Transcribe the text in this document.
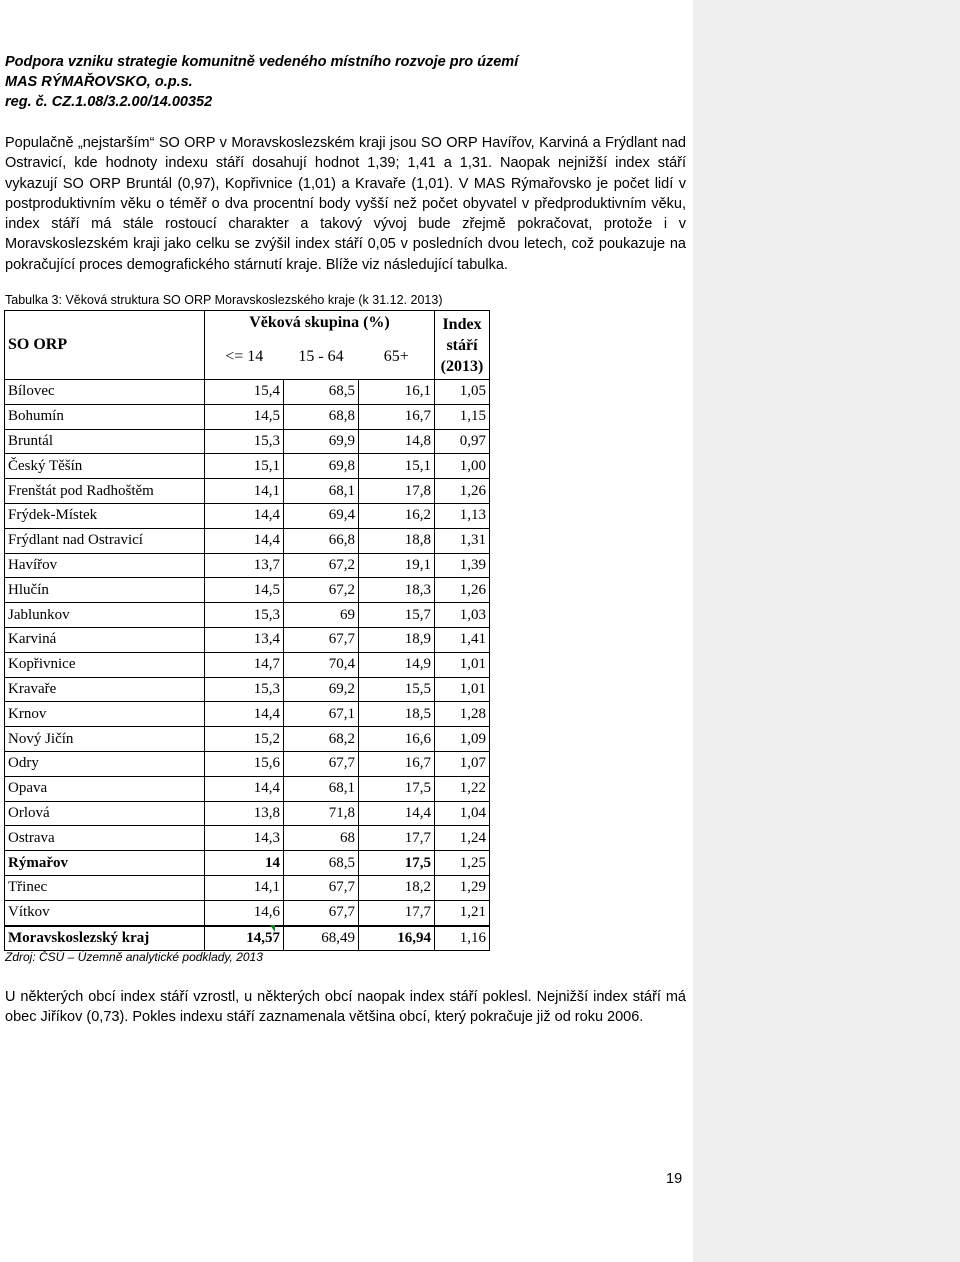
Podpora vzniku strategie komunitně vedeného místního rozvoje pro území
MAS RÝMAŘOVSKO, o.p.s.
reg. č. CZ.1.08/3.2.00/14.00352
Populačně „nejstarším“ SO ORP v Moravskoslezském kraji jsou SO ORP Havířov, Karviná a Frýdlant nad Ostravicí, kde hodnoty indexu stáří dosahují hodnot 1,39; 1,41 a 1,31. Naopak nejnižší index stáří vykazují SO ORP Bruntál (0,97), Kopřivnice (1,01) a Kravaře (1,01). V MAS Rýmařovsko je počet lidí v postproduktivním věku o téměř o dva procentní body vyšší než počet obyvatel v předproduktivním věku, index stáří má stále rostoucí charakter a takový vývoj bude zřejmě pokračovat, protože i v Moravskoslezském kraji jako celku se zvýšil index stáří 0,05 v posledních dvou letech, což poukazuje na pokračující proces demografického stárnutí kraje. Blíže viz následující tabulka.
Tabulka 3: Věková struktura SO ORP Moravskoslezského kraje (k 31.12. 2013)
SO ORP	Věková skupina (%)			Index
stáří
(2013)

	<= 14	15 - 64	65+	
Bílovec	15,4	68,5	16,1	1,05
Bohumín	14,5	68,8	16,7	1,15
Bruntál	15,3	69,9	14,8	0,97
Český Těšín	15,1	69,8	15,1	1,00
Frenštát pod Radhoštěm	14,1	68,1	17,8	1,26
Frýdek-Místek	14,4	69,4	16,2	1,13
Frýdlant nad Ostravicí	14,4	66,8	18,8	1,31
Havířov	13,7	67,2	19,1	1,39
Hlučín	14,5	67,2	18,3	1,26
Jablunkov	15,3	69	15,7	1,03
Karviná	13,4	67,7	18,9	1,41
Kopřivnice	14,7	70,4	14,9	1,01
Kravaře	15,3	69,2	15,5	1,01
Krnov	14,4	67,1	18,5	1,28
Nový Jičín	15,2	68,2	16,6	1,09
Odry	15,6	67,7	16,7	1,07
Opava	14,4	68,1	17,5	1,22
Orlová	13,8	71,8	14,4	1,04
Ostrava	14,3	68	17,7	1,24
Rýmařov	14	68,5	17,5	1,25
Třinec	14,1	67,7	18,2	1,29
Vítkov	14,6	67,7	17,7	1,21
Moravskoslezský kraj	14,57	68,49	16,94	1,16
Zdroj: ČSÚ – Územně analytické podklady, 2013
U některých obcí index stáří vzrostl, u některých obcí naopak index stáří poklesl. Nejnižší index stáří má obec Jiříkov (0,73). Pokles indexu stáří zaznamenala většina obcí, který pokračuje již od roku 2006.
19
